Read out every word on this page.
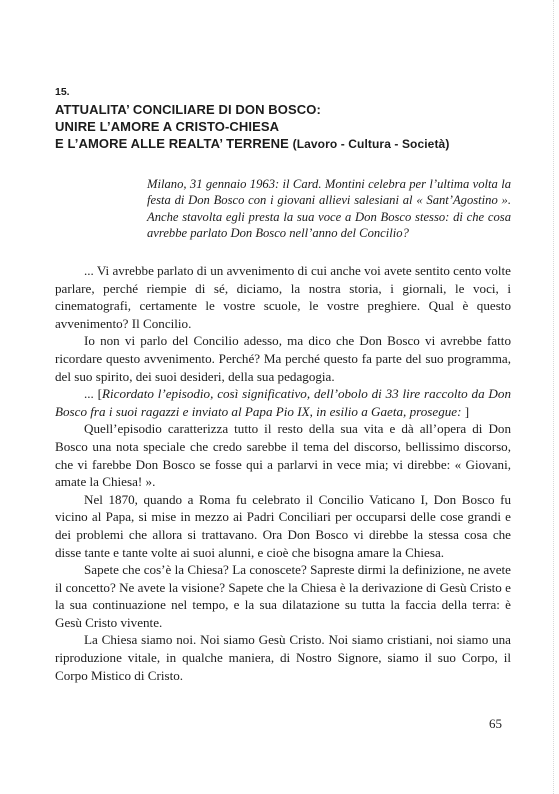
15.
ATTUALITA’ CONCILIARE DI DON BOSCO:
UNIRE L’AMORE A CRISTO-CHIESA
E L’AMORE ALLE REALTA’ TERRENE (Lavoro - Cultura - Società)
Milano, 31 gennaio 1963: il Card. Montini celebra per l’ultima volta la festa di Don Bosco con i giovani allievi salesiani al « Sant’Agostino ». Anche stavolta egli presta la sua voce a Don Bosco stesso: di che cosa avrebbe parlato Don Bosco nell’anno del Concilio?

... Vi avrebbe parlato di un avvenimento di cui anche voi avete sentito cento volte parlare, perché riempie di sé, diciamo, la nostra storia, i giornali, le voci, i cinematografi, certamente le vostre scuole, le vostre preghiere. Qual è questo avvenimento? Il Concilio.

Io non vi parlo del Concilio adesso, ma dico che Don Bosco vi avrebbe fatto ricordare questo avvenimento. Perché? Ma perché questo fa parte del suo programma, del suo spirito, dei suoi desideri, della sua pedagogia.

... [Ricordato l’episodio, così significativo, dell’obolo di 33 lire raccolto da Don Bosco fra i suoi ragazzi e inviato al Papa Pio IX, in esilio a Gaeta, prosegue: ]

Quell’episodio caratterizza tutto il resto della sua vita e dà all’opera di Don Bosco una nota speciale che credo sarebbe il tema del discorso, bellissimo discorso, che vi farebbe Don Bosco se fosse qui a parlarvi in vece mia; vi direbbe: « Giovani, amate la Chiesa! ».

Nel 1870, quando a Roma fu celebrato il Concilio Vaticano I, Don Bosco fu vicino al Papa, si mise in mezzo ai Padri Conciliari per occuparsi delle cose grandi e dei problemi che allora si trattavano. Ora Don Bosco vi direbbe la stessa cosa che disse tante e tante volte ai suoi alunni, e cioè che bisogna amare la Chiesa.

Sapete che cos’è la Chiesa? La conoscete? Sapreste dirmi la definizione, ne avete il concetto? Ne avete la visione? Sapete che la Chiesa è la derivazione di Gesù Cristo e la sua continuazione nel tempo, e la sua dilatazione su tutta la faccia della terra: è Gesù Cristo vivente.

La Chiesa siamo noi. Noi siamo Gesù Cristo. Noi siamo cristiani, noi siamo una riproduzione vitale, in qualche maniera, di Nostro Signore, siamo il suo Corpo, il Corpo Mistico di Cristo.

65
